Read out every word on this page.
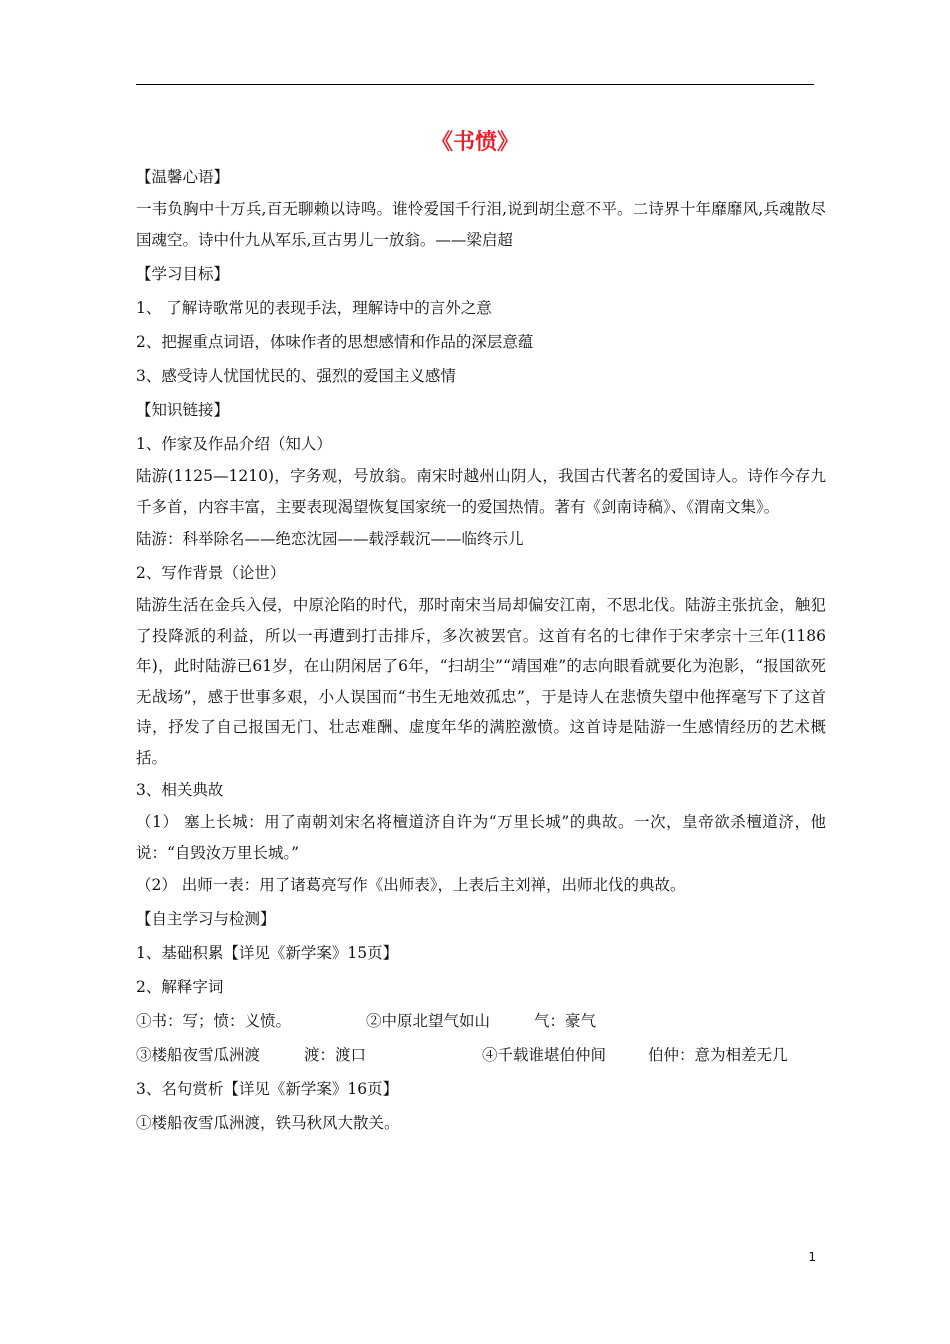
《书愤》
【温馨心语】
一韦负胸中十万兵,百无聊赖以诗鸣。谁怜爱国千行泪,说到胡尘意不平。二诗界十年靡靡风,兵魂散尽国魂空。诗中什九从军乐,亘古男儿一放翁。——梁启超
【学习目标】
1、 了解诗歌常见的表现手法，理解诗中的言外之意
2、把握重点词语，体味作者的思想感情和作品的深层意蕴
3、感受诗人忧国忧民的、强烈的爱国主义感情
【知识链接】
1、作家及作品介绍（知人）
陆游(1125—1210)，字务观，号放翁。南宋时越州山阴人，我国古代著名的爱国诗人。诗作今存九千多首，内容丰富，主要表现渴望恢复国家统一的爱国热情。著有《剑南诗稿》、《渭南文集》。
陆游：科举除名——绝恋沈园——载浮载沉——临终示儿
2、写作背景（论世）
陆游生活在金兵入侵，中原沦陷的时代，那时南宋当局却偏安江南，不思北伐。陆游主张抗金，触犯了投降派的利益，所以一再遭到打击排斥，多次被罢官。这首有名的七律作于宋孝宗十三年(1186年)，此时陆游已61岁，在山阴闲居了6年，“扫胡尘”“靖国难”的志向眼看就要化为泡影，“报国欲死无战场”，感于世事多艰，小人误国而“书生无地效孤忠”，于是诗人在悲愤失望中他挥毫写下了这首诗，抒发了自己报国无门、壮志难酬、虚度年华的满腔激愤。这首诗是陆游一生感情经历的艺术概括。
3、相关典故
（1） 塞上长城：用了南朝刘宋名将檀道济自许为“万里长城”的典故。一次，皇帝欲杀檀道济，他说：“自毁汝万里长城。”
（2） 出师一表：用了诸葛亮写作《出师表》，上表后主刘禅，出师北伐的典故。
【自主学习与检测】
1、基础积累【详见《新学案》15页】
2、解释字词
①书：写；愤：义愤。	②中原北望气如山	气：豪气
③楼船夜雪瓜洲渡	渡：渡口	④千载谁堪伯仲间	伯仲：意为相差无几
3、名句赏析【详见《新学案》16页】
①楼船夜雪瓜洲渡，铁马秋风大散关。
1
